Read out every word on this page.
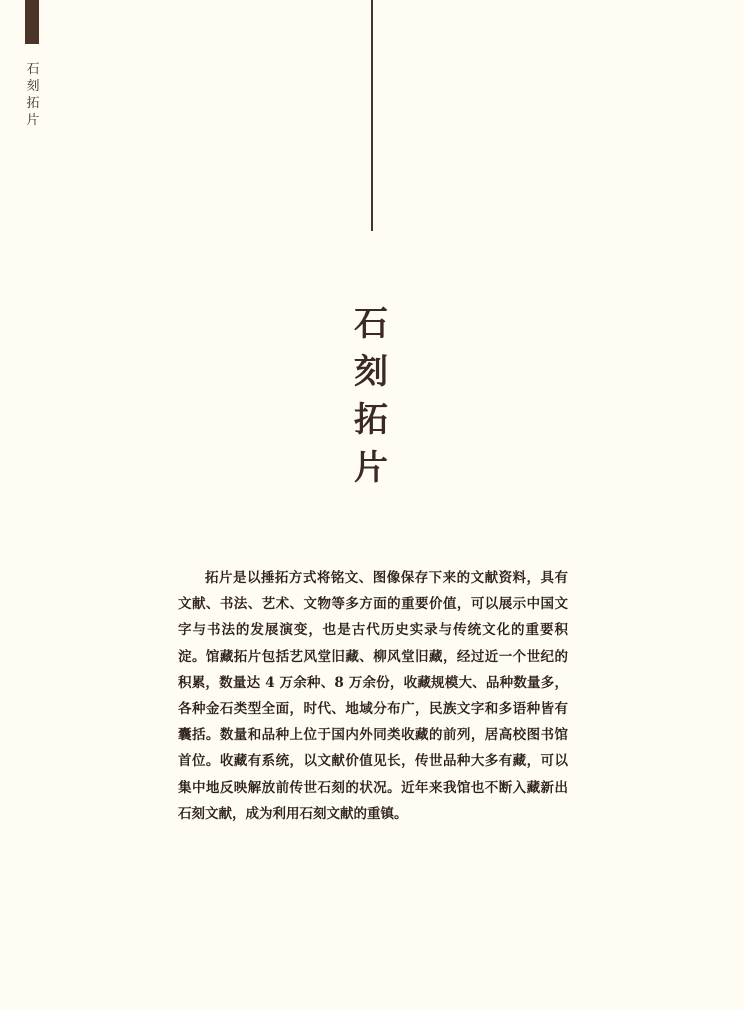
石
刻
拓
片
石
刻
拓
片

拓片是以捶拓方式将铭文、图像保存下来的文献资料，具有文献、书法、艺术、文物等多方面的重要价值，可以展示中国文字与书法的发展演变，也是古代历史实录与传统文化的重要积淀。馆藏拓片包括艺风堂旧藏、柳风堂旧藏，经过近一个世纪的积累，数量达 4 万余种、8 万余份，收藏规模大、品种数量多，各种金石类型全面，时代、地域分布广，民族文字和多语种皆有囊括。数量和品种上位于国内外同类收藏的前列，居高校图书馆首位。收藏有系统，以文献价值见长，传世品种大多有藏，可以集中地反映解放前传世石刻的状况。近年来我馆也不断入藏新出石刻文献，成为利用石刻文献的重镇。
